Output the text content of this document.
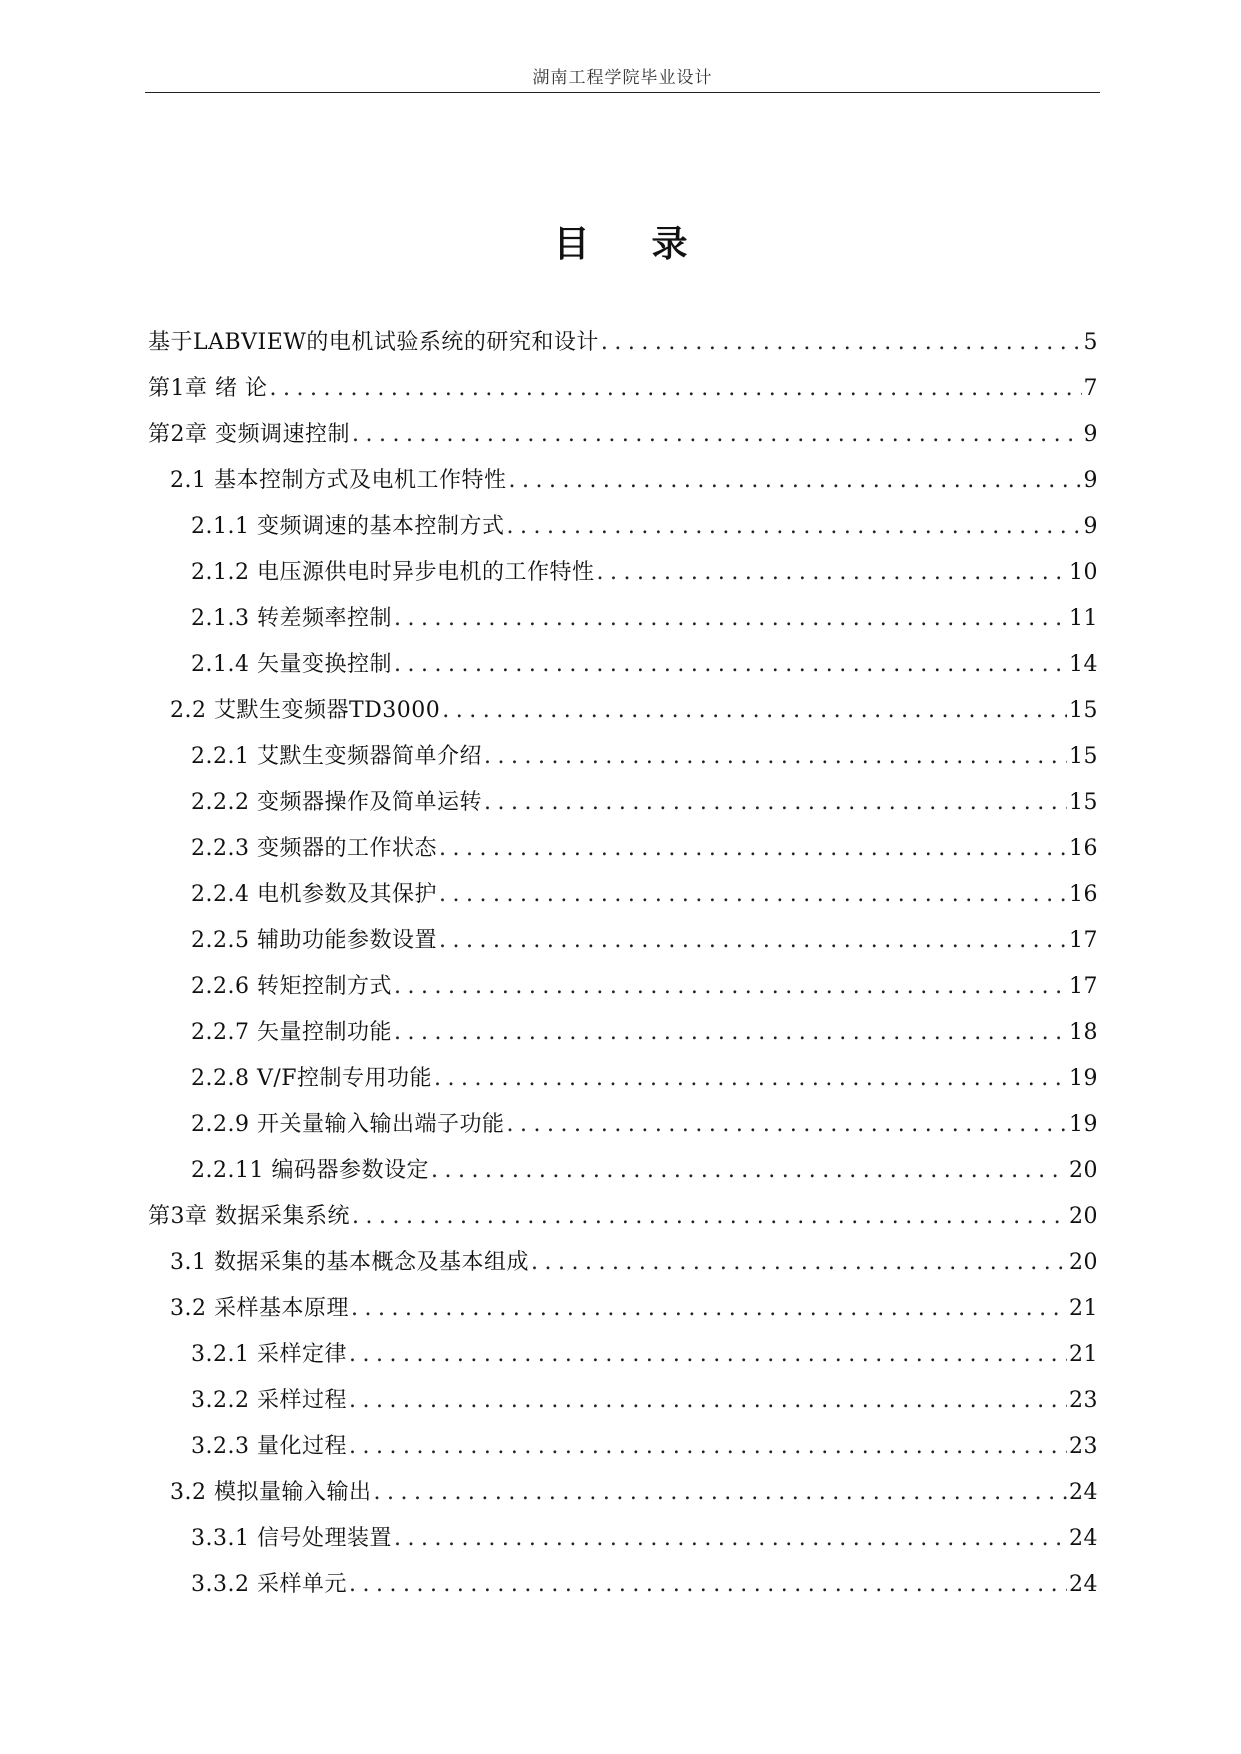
湖南工程学院毕业设计
目录
基于LABVIEW的电机试验系统的研究和设计 .....	5
第1章 绪 论 .....	7
第2章 变频调速控制 .....	9
2.1 基本控制方式及电机工作特性 .....	9
2.1.1 变频调速的基本控制方式 .....	9
2.1.2 电压源供电时异步电机的工作特性 .....	10
2.1.3 转差频率控制 .....	11
2.1.4 矢量变换控制 .....	14
2.2 艾默生变频器TD3000 .....	15
2.2.1 艾默生变频器简单介绍 .....	15
2.2.2 变频器操作及简单运转 .....	15
2.2.3 变频器的工作状态 .....	16
2.2.4 电机参数及其保护 .....	16
2.2.5 辅助功能参数设置 .....	17
2.2.6 转矩控制方式 .....	17
2.2.7 矢量控制功能 .....	18
2.2.8 V/F控制专用功能 .....	19
2.2.9 开关量输入输出端子功能 .....	19
2.2.11 编码器参数设定 .....	20
第3章 数据采集系统 .....	20
3.1 数据采集的基本概念及基本组成 .....	20
3.2 采样基本原理 .....	21
3.2.1 采样定律 .....	21
3.2.2 采样过程 .....	23
3.2.3 量化过程 .....	23
3.2 模拟量输入输出 .....	24
3.3.1 信号处理装置 .....	24
3.3.2 采样单元 .....	24
